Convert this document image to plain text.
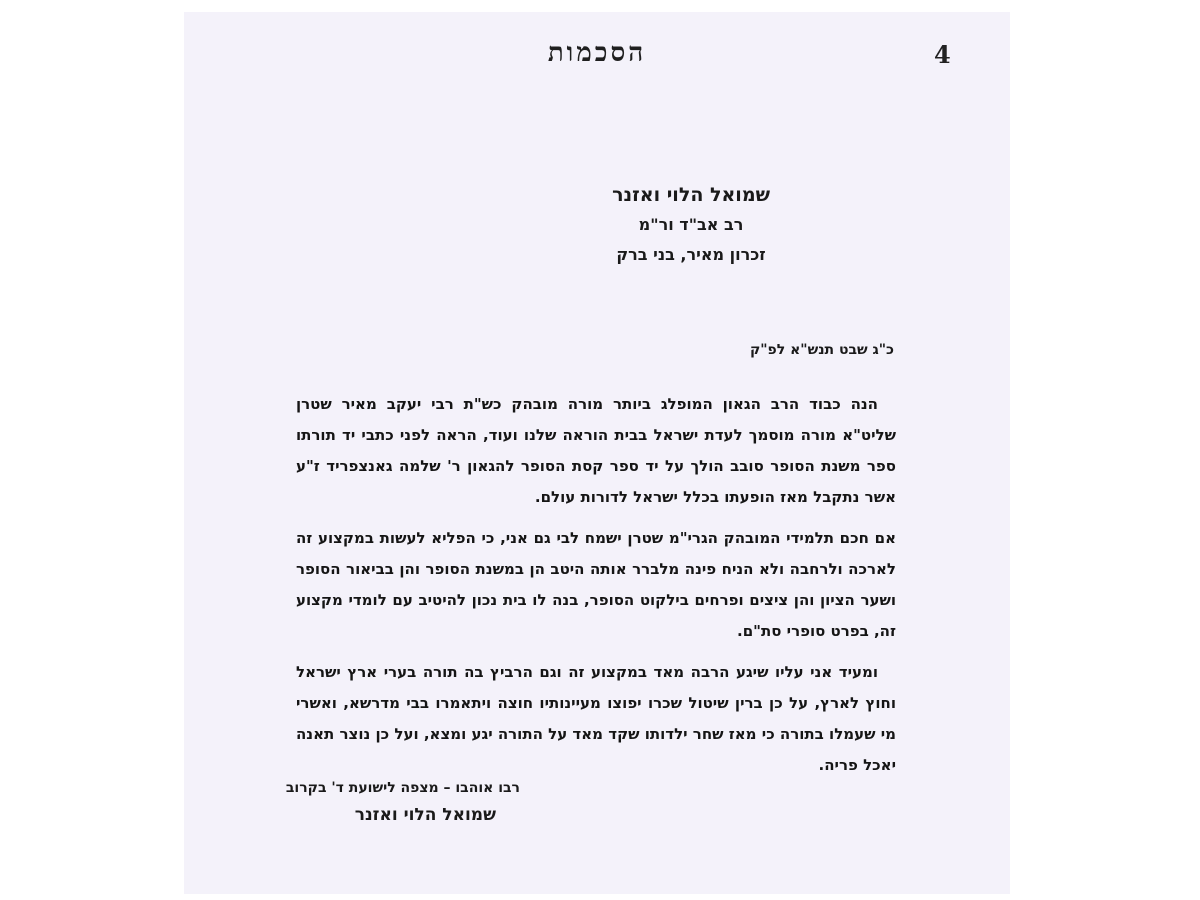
4
הסכמות
שמואל הלוי ואזנר
רב אב"ד ור"מ
זכרון מאיר, בני ברק
כ"ג שבט תנש"א לפ"ק

הנה כבוד הרב הגאון המופלג ביותר מורה מובהק כש"ת רבי יעקב מאיר שטרן שליט"א מורה מוסמך לעדת ישראל בבית הוראה שלנו ועוד, הראה לפני כתבי יד תורתו ספר משנת הסופר סובב הולך על יד ספר קסת הסופר להגאון ר' שלמה גאנצפריד ז"ע אשר נתקבל מאז הופעתו בכלל ישראל לדורות עולם.

אם חכם תלמידי המובהק הגרי"מ שטרן ישמח לבי גם אני, כי הפליא לעשות במקצוע זה לארכה ולרחבה ולא הניח פינה מלברר אותה היטב הן במשנת הסופר והן בביאור הסופר ושער הציון והן ציצים ופרחים בילקוט הסופר, בנה לו בית נכון להיטיב עם לומדי מקצוע זה, בפרט סופרי סת"ם.

ומעיד אני עליו שיגע הרבה מאד במקצוע זה וגם הרביץ בה תורה בערי ארץ ישראל וחוץ לארץ, על כן ברין שיטול שכרו יפוצו מעיינותיו חוצה ויתאמרו בבי מדרשא, ואשרי מי שעמלו בתורה כי מאז שחר ילדותו שקד מאד על התורה יגע ומצא, ועל כן נוצר תאנה יאכל פריה.

רבו אוהבו – מצפה לישועת ד' בקרוב
שמואל הלוי ואזנר
